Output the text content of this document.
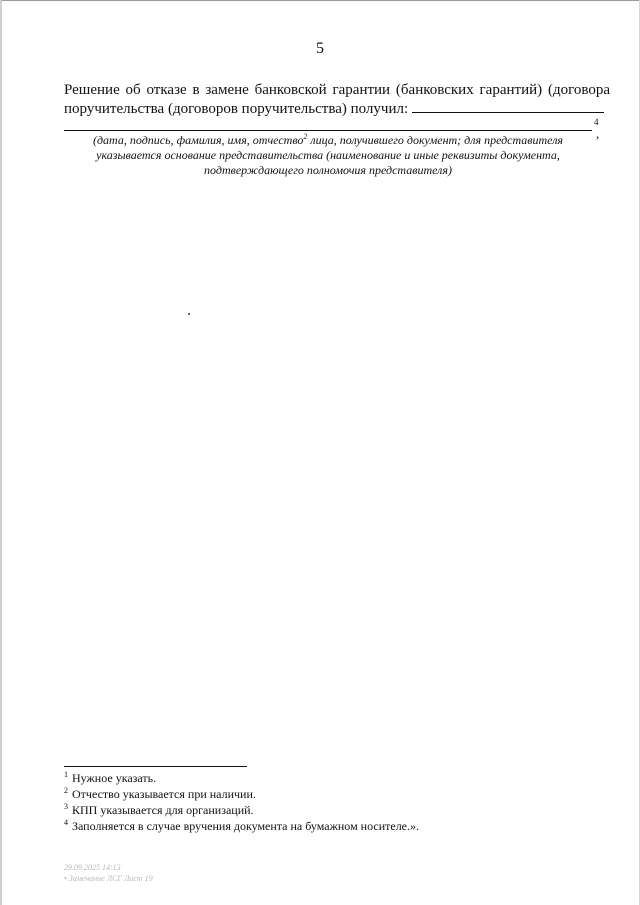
5
Решение об отказе в замене банковской гарантии (банковских гарантий) (договора
поручительства (договоров поручительства) получил:
4
,
(дата, подпись, фамилия, имя, отчество$^2$ лица, получившего документ; для представителя указывается основание представительства (наименование и иные реквизиты документа, подтверждающего полномочия представителя)
$^1$ Нужное указать.
$^2$ Отчество указывается при наличии.
$^3$ КПП указывается для организаций.
$^4$ Заполняется в случае вручения документа на бумажном носителе.».
29.09.2025 14:13
• Замечание ЛСГ Лист 19
